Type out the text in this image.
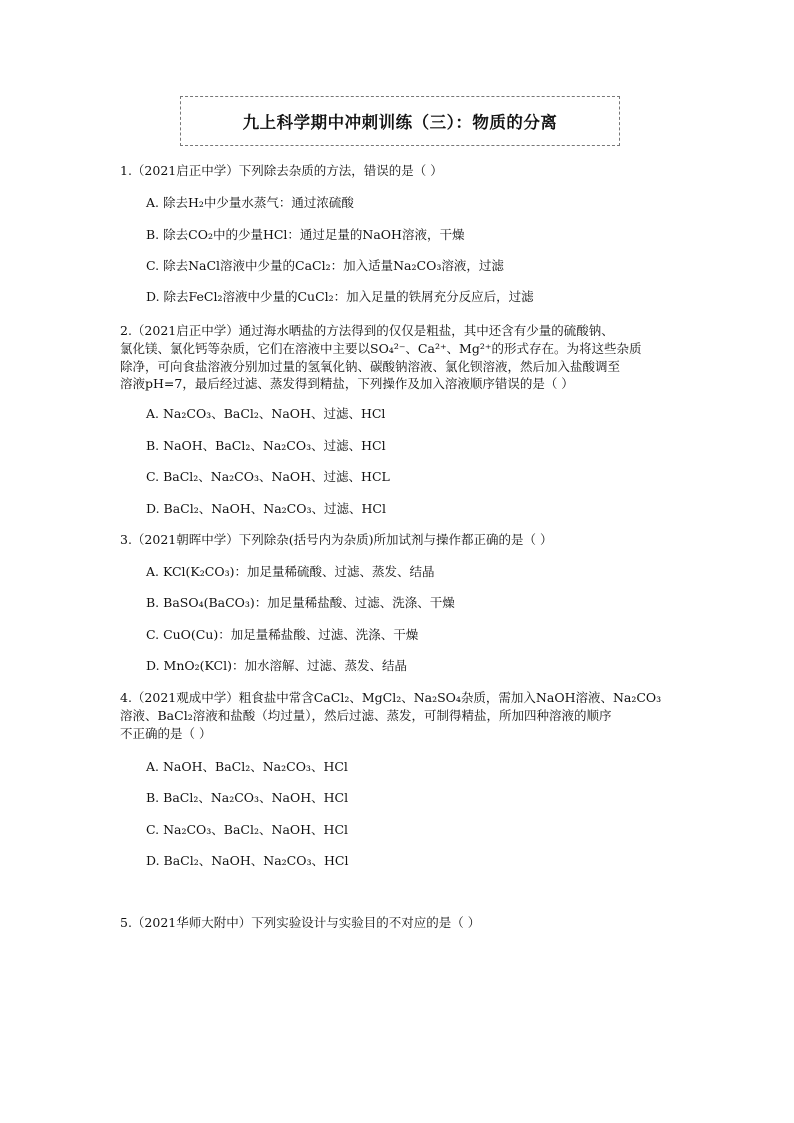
九上科学期中冲刺训练（三）：物质的分离
1.（2021启正中学）下列除去杂质的方法，错误的是（ ）
A. 除去H₂中少量水蒸气：通过浓硫酸
B. 除去CO₂中的少量HCl：通过足量的NaOH溶液，干燥
C. 除去NaCl溶液中少量的CaCl₂：加入适量Na₂CO₃溶液，过滤
D. 除去FeCl₂溶液中少量的CuCl₂：加入足量的铁屑充分反应后，过滤
2.（2021启正中学）通过海水晒盐的方法得到的仅仅是粗盐，其中还含有少量的硫酸钠、
氯化镁、氯化钙等杂质，它们在溶液中主要以SO₄²⁻、Ca²⁺、Mg²⁺的形式存在。为将这些杂质
除净，可向食盐溶液分别加过量的氢氧化钠、碳酸钠溶液、氯化钡溶液，然后加入盐酸调至
溶液pH=7，最后经过滤、蒸发得到精盐，下列操作及加入溶液顺序错误的是（ ）
A. Na₂CO₃、BaCl₂、NaOH、过滤、HCl
B. NaOH、BaCl₂、Na₂CO₃、过滤、HCl
C. BaCl₂、Na₂CO₃、NaOH、过滤、HCL
D. BaCl₂、NaOH、Na₂CO₃、过滤、HCl
3.（2021朝晖中学）下列除杂(括号内为杂质)所加试剂与操作都正确的是（ ）
A. KCl(K₂CO₃)：加足量稀硫酸、过滤、蒸发、结晶
B. BaSO₄(BaCO₃)：加足量稀盐酸、过滤、洗涤、干燥
C. CuO(Cu)：加足量稀盐酸、过滤、洗涤、干燥
D. MnO₂(KCl)：加水溶解、过滤、蒸发、结晶
4.（2021观成中学）粗食盐中常含CaCl₂、MgCl₂、Na₂SO₄杂质，需加入NaOH溶液、Na₂CO₃
溶液、BaCl₂溶液和盐酸（均过量），然后过滤、蒸发，可制得精盐，所加四种溶液的顺序
不正确的是（ ）
A. NaOH、BaCl₂、Na₂CO₃、HCl
B. BaCl₂、Na₂CO₃、NaOH、HCl
C. Na₂CO₃、BaCl₂、NaOH、HCl
D. BaCl₂、NaOH、Na₂CO₃、HCl
5.（2021华师大附中）下列实验设计与实验目的不对应的是（ ）
